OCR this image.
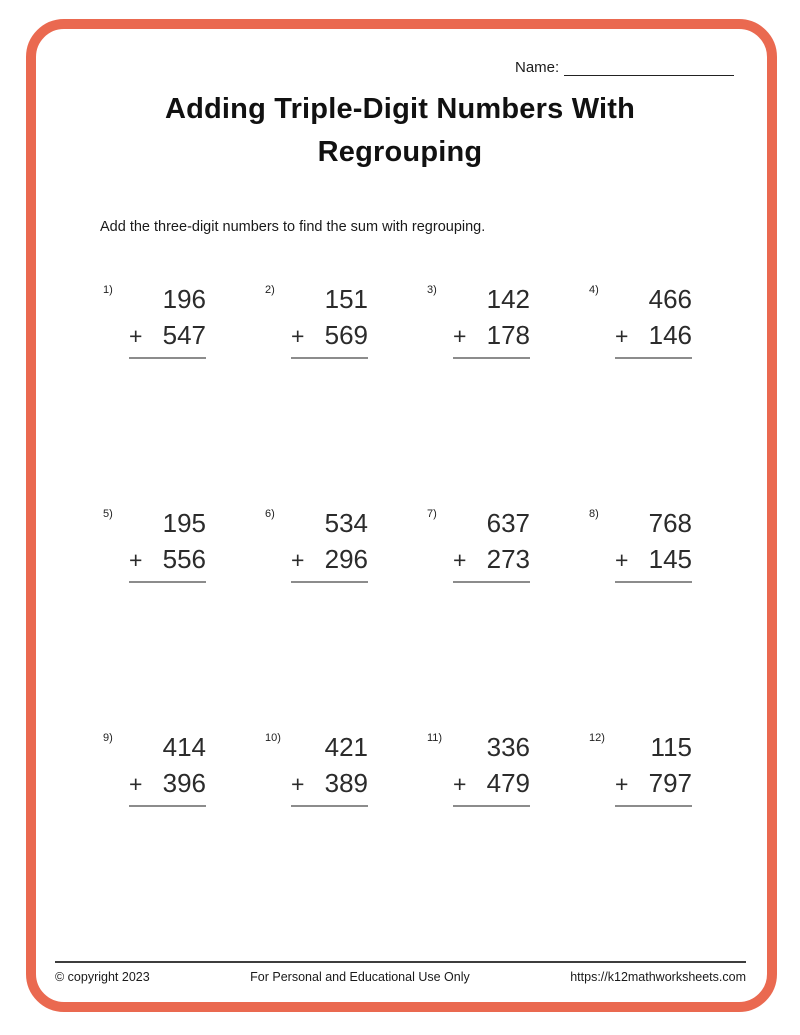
Name:
Adding Triple-Digit Numbers With Regrouping
Add the three-digit numbers to find the sum with regrouping.
1)	196
+ 547
2)	151
+ 569
3)	142
+ 178
4)	466
+ 146
5)	195
+ 556
6)	534
+ 296
7)	637
+ 273
8)	768
+ 145
9)	414
+ 396
10)	421
+ 389
11)	336
+ 479
12)	115
+ 797
© copyright 2023	For Personal and Educational Use Only	https://k12mathworksheets.com
